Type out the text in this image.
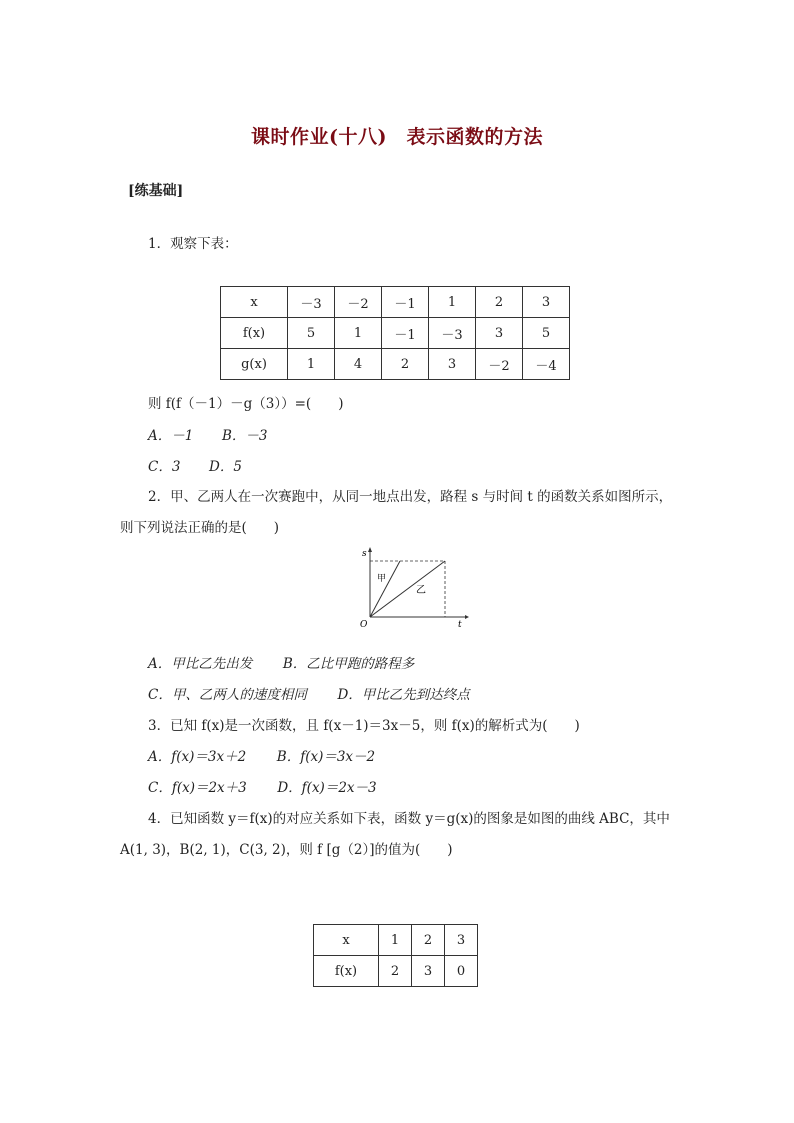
课时作业(十八)　表示函数的方法
[练基础]
1．观察下表：
x	－3	－2	－1	1	2	3
f(x)	5	1	－1	－3	3	5
g(x)	1	4	2	3	－2	－4
则 f(f（－1）－g（3））=(　　)
A．－1 B．－3
C．3 D．5
2．甲、乙两人在一次赛跑中，从同一地点出发，路程 s 与时间 t 的函数关系如图所示，
则下列说法正确的是(　　)
s
t
O
甲
乙
A．甲比乙先出发 B．乙比甲跑的路程多
C．甲、乙两人的速度相同 D．甲比乙先到达终点
3．已知 f(x)是一次函数，且 f(x－1)＝3x－5，则 f(x)的解析式为(　　)
A．f(x)＝3x＋2 B．f(x)＝3x－2
C．f(x)＝2x＋3 D．f(x)＝2x－3
4．已知函数 y＝f(x)的对应关系如下表，函数 y＝g(x)的图象是如图的曲线 ABC，其中
A(1, 3)，B(2, 1)，C(3, 2)，则 f [g（2）]的值为(　　)
x	1	2	3
f(x)	2	3	0
